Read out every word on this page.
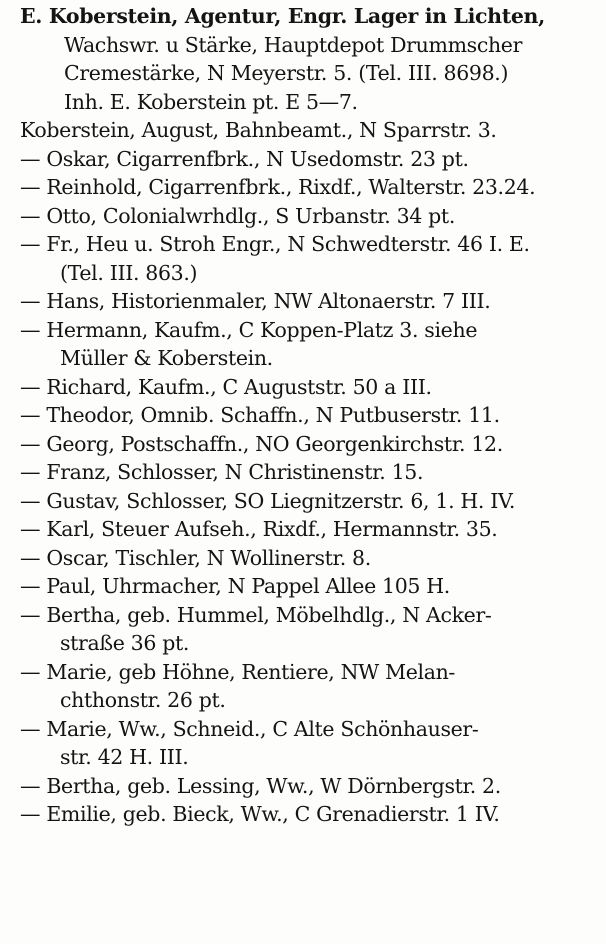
E. Koberstein, Agentur, Engr. Lager in Lichten,
Wachswr. u Stärke, Hauptdepot Drummscher
Cremestärke, N Meyerstr. 5. (Tel. III. 8698.)
Inh. E. Koberstein pt. E 5—7.
Koberstein, August, Bahnbeamt., N Sparrstr. 3.
— Oskar, Cigarrenfbrk., N Usedomstr. 23 pt.
— Reinhold, Cigarrenfbrk., Rixdf., Walterstr. 23.24.
— Otto, Colonialwrhdlg., S Urbanstr. 34 pt.
— Fr., Heu u. Stroh Engr., N Schwedterstr. 46 I. E.
(Tel. III. 863.)
— Hans, Historienmaler, NW Altonaerstr. 7 III.
— Hermann, Kaufm., C Koppen-Platz 3. siehe
Müller & Koberstein.
— Richard, Kaufm., C Auguststr. 50 a III.
— Theodor, Omnib. Schaffn., N Putbuserstr. 11.
— Georg, Postschaffn., NO Georgenkirchstr. 12.
— Franz, Schlosser, N Christinenstr. 15.
— Gustav, Schlosser, SO Liegnitzerstr. 6, 1. H. IV.
— Karl, Steuer Aufseh., Rixdf., Hermannstr. 35.
— Oscar, Tischler, N Wollinerstr. 8.
— Paul, Uhrmacher, N Pappel Allee 105 H.
— Bertha, geb. Hummel, Möbelhdlg., N Acker-
straße 36 pt.
— Marie, geb Höhne, Rentiere, NW Melan-
chthonstr. 26 pt.
— Marie, Ww., Schneid., C Alte Schönhauser-
str. 42 H. III.
— Bertha, geb. Lessing, Ww., W Dörnbergstr. 2.
— Emilie, geb. Bieck, Ww., C Grenadierstr. 1 IV.
